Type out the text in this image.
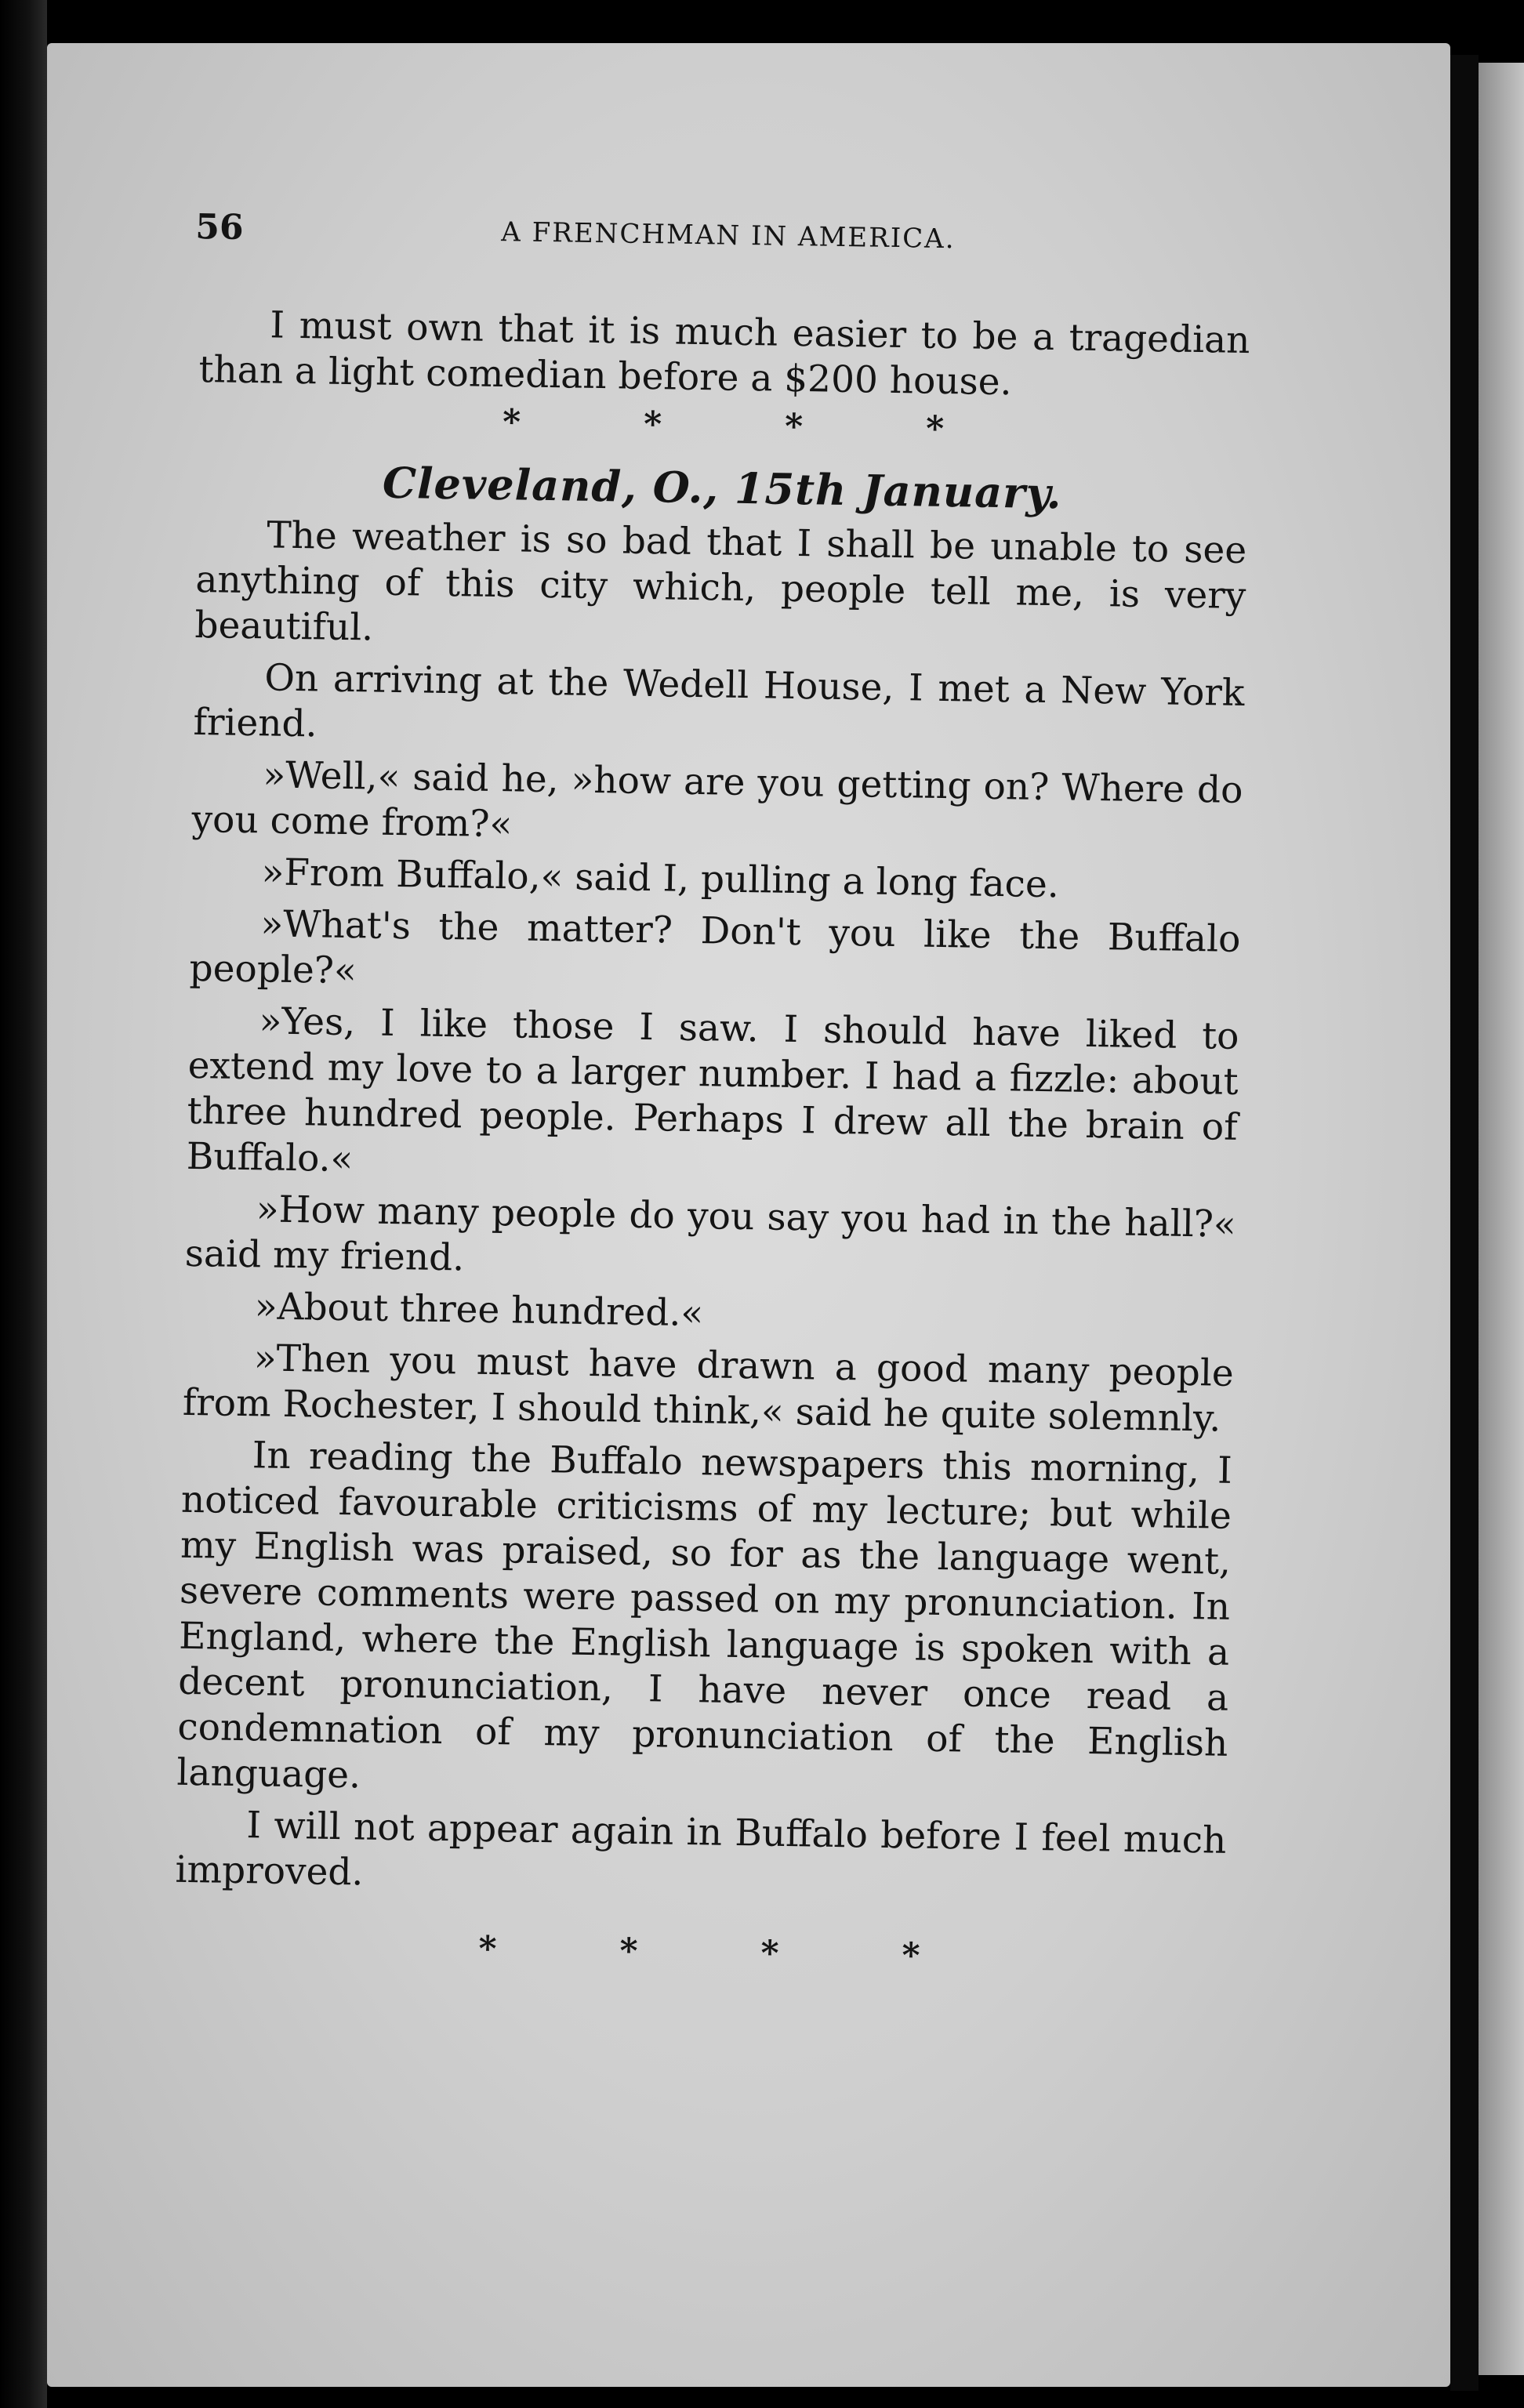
56	A FRENCHMAN IN AMERICA.

I must own that it is much easier to be a tragedian than a light comedian before a $200 house.

*	*	*	*
Cleveland, O., 15th January.

The weather is so bad that I shall be unable to see anything of this city which, people tell me, is very beautiful.

On arriving at the Wedell House, I met a New York friend.

»Well,« said he, »how are you getting on? Where do you come from?«

»From Buffalo,« said I, pulling a long face.

»What's the matter? Don't you like the Buffalo people?«

»Yes, I like those I saw. I should have liked to extend my love to a larger number. I had a fizzle: about three hundred people. Perhaps I drew all the brain of Buffalo.«

»How many people do you say you had in the hall?« said my friend.

»About three hundred.«

»Then you must have drawn a good many people from Rochester, I should think,« said he quite solemnly.

In reading the Buffalo newspapers this morning, I noticed favourable criticisms of my lecture; but while my English was praised, so for as the language went, severe comments were passed on my pronunciation. In England, where the English language is spoken with a decent pronunciation, I have never once read a condemnation of my pronunciation of the English language.

I will not appear again in Buffalo before I feel much improved.

*	*	*	*
